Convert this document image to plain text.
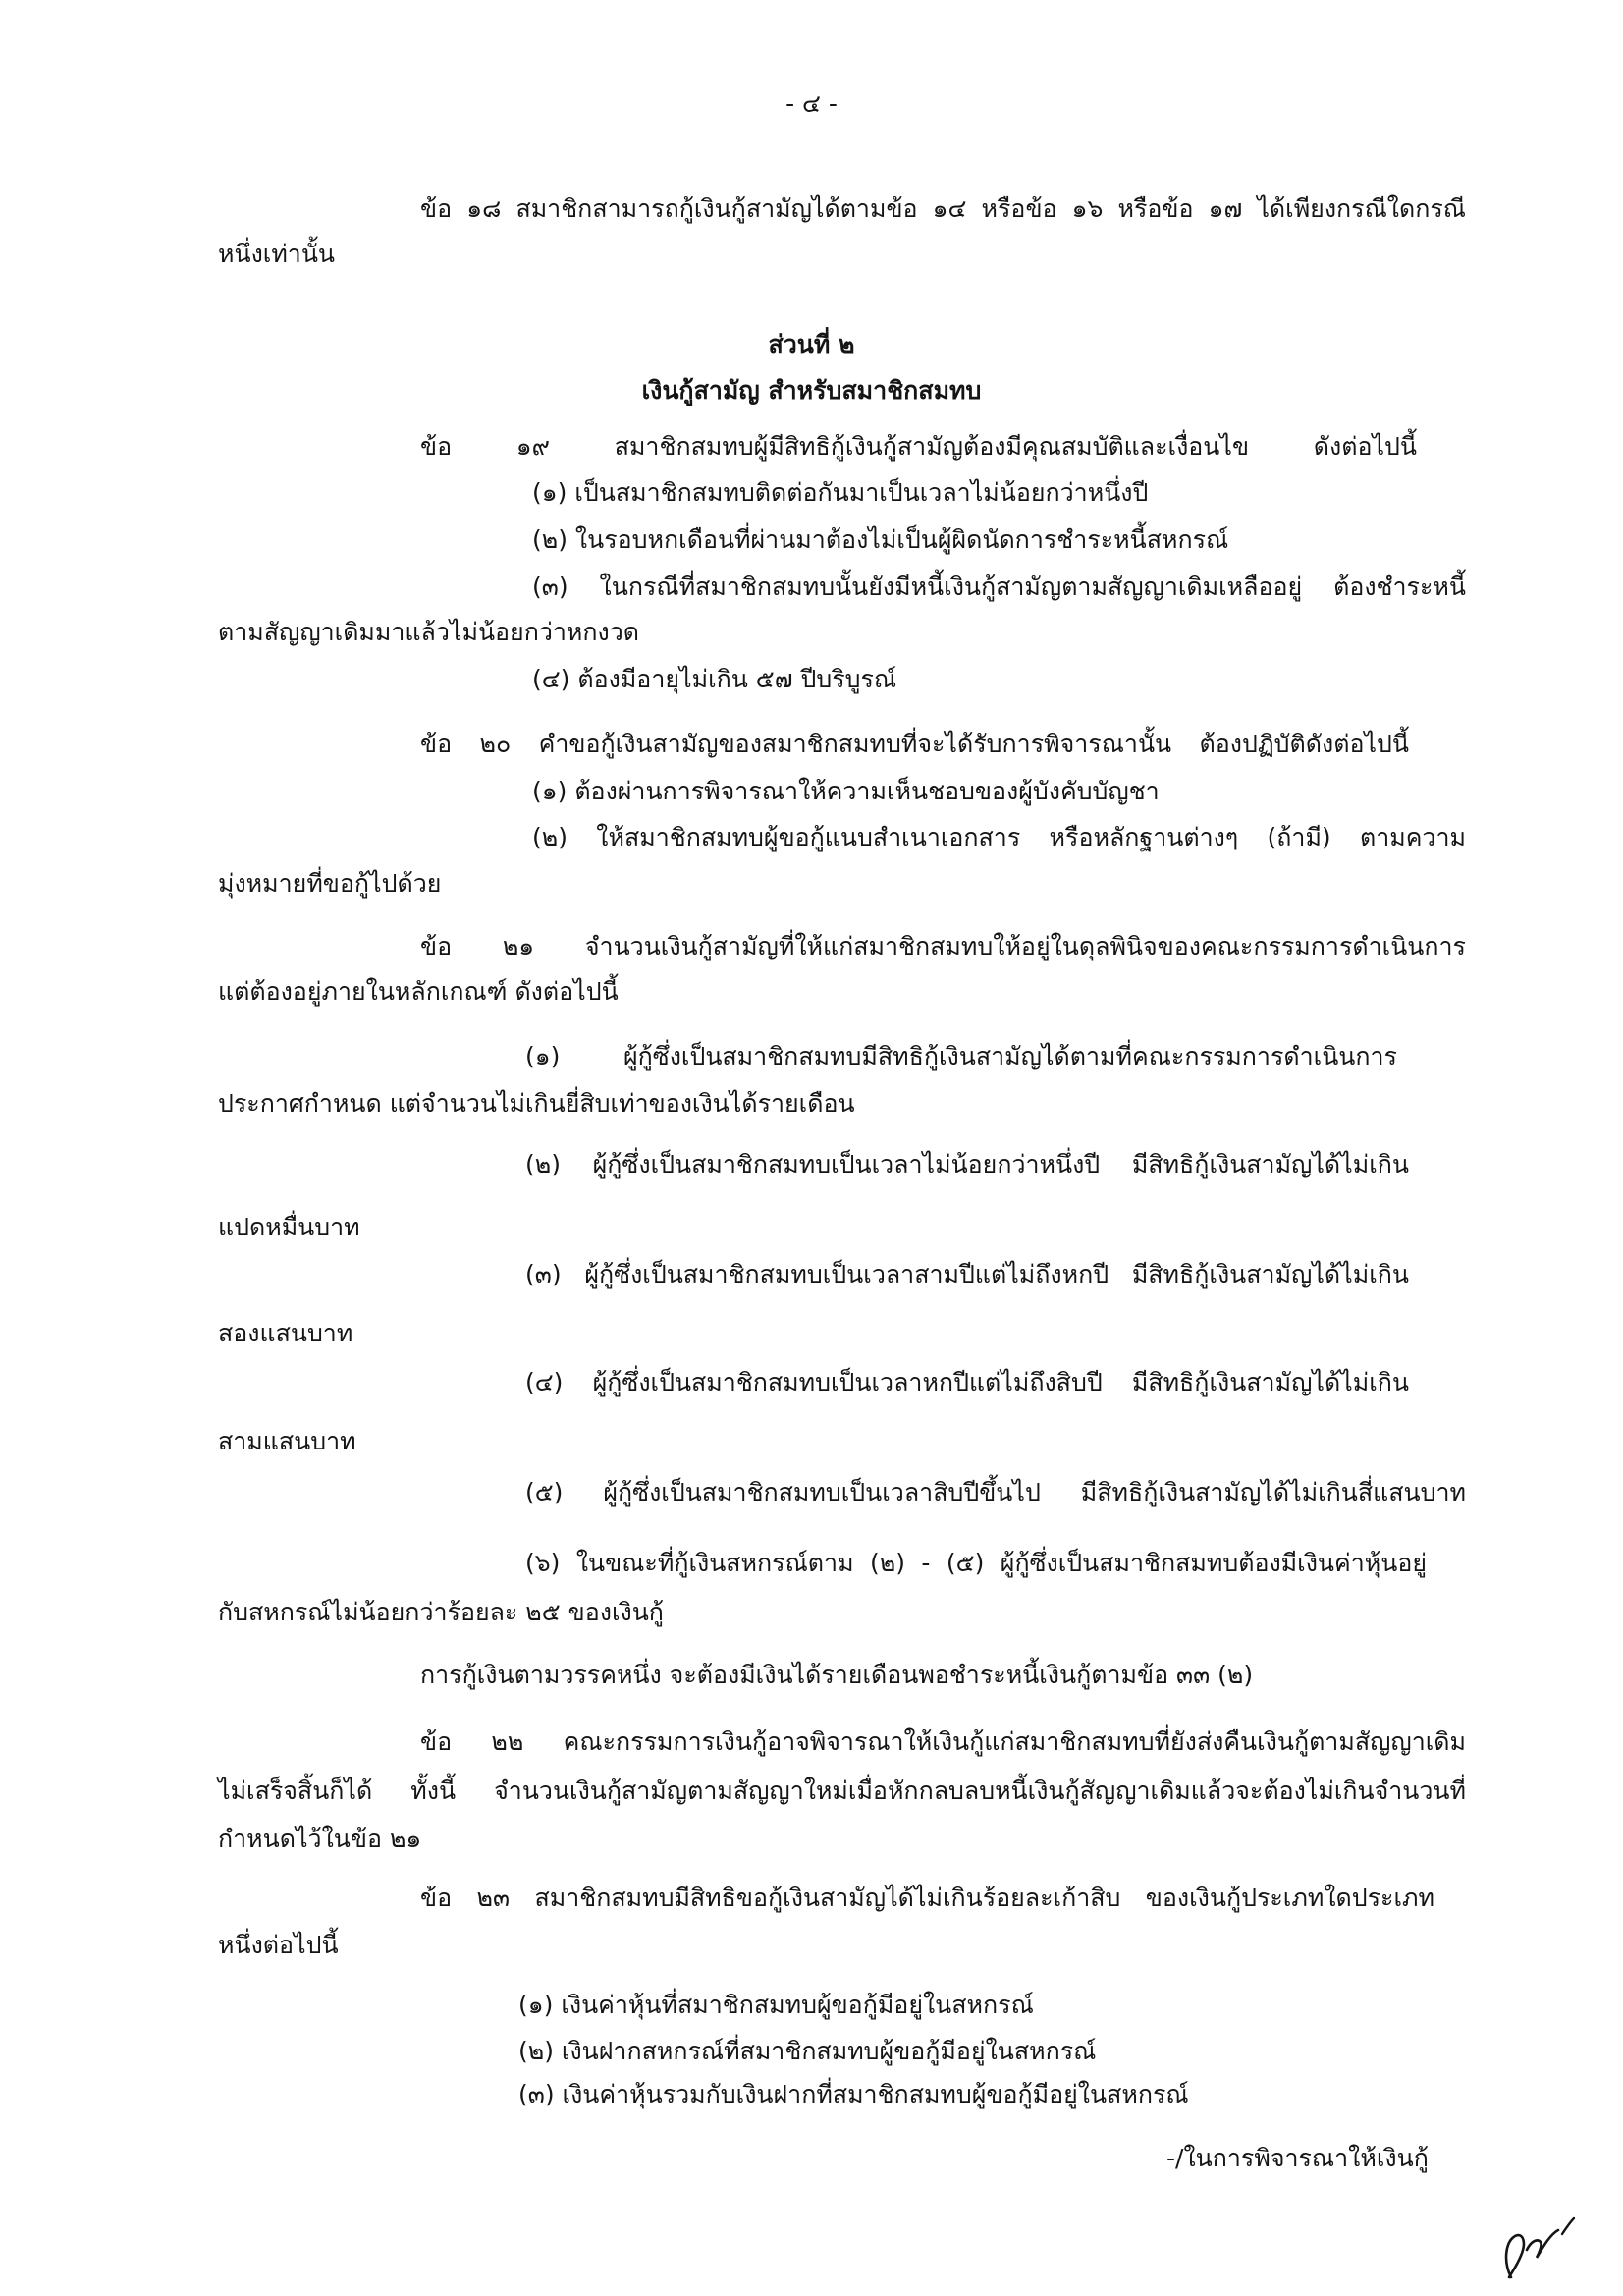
- ๔ -
ข้อ ๑๘ สมาชิกสามารถกู้เงินกู้สามัญได้ตามข้อ ๑๔ หรือข้อ ๑๖ หรือข้อ ๑๗ ได้เพียงกรณีใดกรณี
หนึ่งเท่านั้น
ส่วนที่ ๒
เงินกู้สามัญ สำหรับสมาชิกสมทบ
ข้อ ๑๙ สมาชิกสมทบผู้มีสิทธิกู้เงินกู้สามัญต้องมีคุณสมบัติและเงื่อนไข ดังต่อไปนี้
(๑) เป็นสมาชิกสมทบติดต่อกันมาเป็นเวลาไม่น้อยกว่าหนึ่งปี
(๒) ในรอบหกเดือนที่ผ่านมาต้องไม่เป็นผู้ผิดนัดการชำระหนี้สหกรณ์
(๓) ในกรณีที่สมาชิกสมทบนั้นยังมีหนี้เงินกู้สามัญตามสัญญาเดิมเหลืออยู่ ต้องชำระหนี้
ตามสัญญาเดิมมาแล้วไม่น้อยกว่าหกงวด
(๔) ต้องมีอายุไม่เกิน ๕๗ ปีบริบูรณ์
ข้อ ๒๐ คำขอกู้เงินสามัญของสมาชิกสมทบที่จะได้รับการพิจารณานั้น ต้องปฏิบัติดังต่อไปนี้
(๑) ต้องผ่านการพิจารณาให้ความเห็นชอบของผู้บังคับบัญชา
(๒) ให้สมาชิกสมทบผู้ขอกู้แนบสำเนาเอกสาร หรือหลักฐานต่างๆ (ถ้ามี) ตามความ
มุ่งหมายที่ขอกู้ไปด้วย
ข้อ ๒๑ จำนวนเงินกู้สามัญที่ให้แก่สมาชิกสมทบให้อยู่ในดุลพินิจของคณะกรรมการดำเนินการ
แต่ต้องอยู่ภายในหลักเกณฑ์ ดังต่อไปนี้
(๑) ผู้กู้ซึ่งเป็นสมาชิกสมทบมีสิทธิกู้เงินสามัญได้ตามที่คณะกรรมการดำเนินการ
ประกาศกำหนด แต่จำนวนไม่เกินยี่สิบเท่าของเงินได้รายเดือน
(๒) ผู้กู้ซึ่งเป็นสมาชิกสมทบเป็นเวลาไม่น้อยกว่าหนึ่งปี มีสิทธิกู้เงินสามัญได้ไม่เกิน
แปดหมื่นบาท
(๓) ผู้กู้ซึ่งเป็นสมาชิกสมทบเป็นเวลาสามปีแต่ไม่ถึงหกปี มีสิทธิกู้เงินสามัญได้ไม่เกิน
สองแสนบาท
(๔) ผู้กู้ซึ่งเป็นสมาชิกสมทบเป็นเวลาหกปีแต่ไม่ถึงสิบปี มีสิทธิกู้เงินสามัญได้ไม่เกิน
สามแสนบาท
(๕) ผู้กู้ซึ่งเป็นสมาชิกสมทบเป็นเวลาสิบปีขึ้นไป มีสิทธิกู้เงินสามัญได้ไม่เกินสี่แสนบาท
(๖) ในขณะที่กู้เงินสหกรณ์ตาม (๒) - (๕) ผู้กู้ซึ่งเป็นสมาชิกสมทบต้องมีเงินค่าหุ้นอยู่
กับสหกรณ์ไม่น้อยกว่าร้อยละ ๒๕ ของเงินกู้
การกู้เงินตามวรรคหนึ่ง จะต้องมีเงินได้รายเดือนพอชำระหนี้เงินกู้ตามข้อ ๓๓ (๒)
ข้อ ๒๒ คณะกรรมการเงินกู้อาจพิจารณาให้เงินกู้แก่สมาชิกสมทบที่ยังส่งคืนเงินกู้ตามสัญญาเดิม
ไม่เสร็จสิ้นก็ได้ ทั้งนี้ จำนวนเงินกู้สามัญตามสัญญาใหม่เมื่อหักกลบลบหนี้เงินกู้สัญญาเดิมแล้วจะต้องไม่เกินจำนวนที่
กำหนดไว้ในข้อ ๒๑
ข้อ ๒๓ สมาชิกสมทบมีสิทธิขอกู้เงินสามัญได้ไม่เกินร้อยละเก้าสิบ ของเงินกู้ประเภทใดประเภท
หนึ่งต่อไปนี้
(๑) เงินค่าหุ้นที่สมาชิกสมทบผู้ขอกู้มีอยู่ในสหกรณ์
(๒) เงินฝากสหกรณ์ที่สมาชิกสมทบผู้ขอกู้มีอยู่ในสหกรณ์
(๓) เงินค่าหุ้นรวมกับเงินฝากที่สมาชิกสมทบผู้ขอกู้มีอยู่ในสหกรณ์
-/ในการพิจารณาให้เงินกู้
